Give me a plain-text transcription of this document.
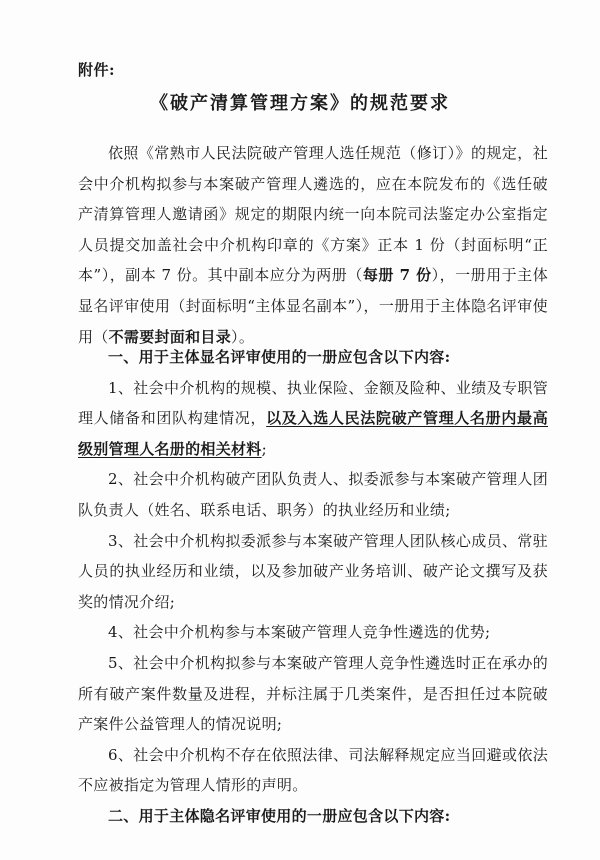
附件:
《破产清算管理方案》的规范要求

依照《常熟市人民法院破产管理人选任规范（修订）》的规定，社会中介机构拟参与本案破产管理人遴选的，应在本院发布的《选任破产清算管理人邀请函》规定的期限内统一向本院司法鉴定办公室指定人员提交加盖社会中介机构印章的《方案》正本 1 份（封面标明“正本”），副本 7 份。其中副本应分为两册（每册 7 份），一册用于主体显名评审使用（封面标明“主体显名副本”），一册用于主体隐名评审使用（不需要封面和目录）。

一、用于主体显名评审使用的一册应包含以下内容:

1、社会中介机构的规模、执业保险、金额及险种、业绩及专职管理人储备和团队构建情况，以及入选人民法院破产管理人名册内最高级别管理人名册的相关材料;

2、社会中介机构破产团队负责人、拟委派参与本案破产管理人团队负责人（姓名、联系电话、职务）的执业经历和业绩;

3、社会中介机构拟委派参与本案破产管理人团队核心成员、常驻人员的执业经历和业绩，以及参加破产业务培训、破产论文撰写及获奖的情况介绍;

4、社会中介机构参与本案破产管理人竞争性遴选的优势;

5、社会中介机构拟参与本案破产管理人竞争性遴选时正在承办的所有破产案件数量及进程，并标注属于几类案件，是否担任过本院破产案件公益管理人的情况说明;

6、社会中介机构不存在依照法律、司法解释规定应当回避或依法不应被指定为管理人情形的声明。

二、用于主体隐名评审使用的一册应包含以下内容:
